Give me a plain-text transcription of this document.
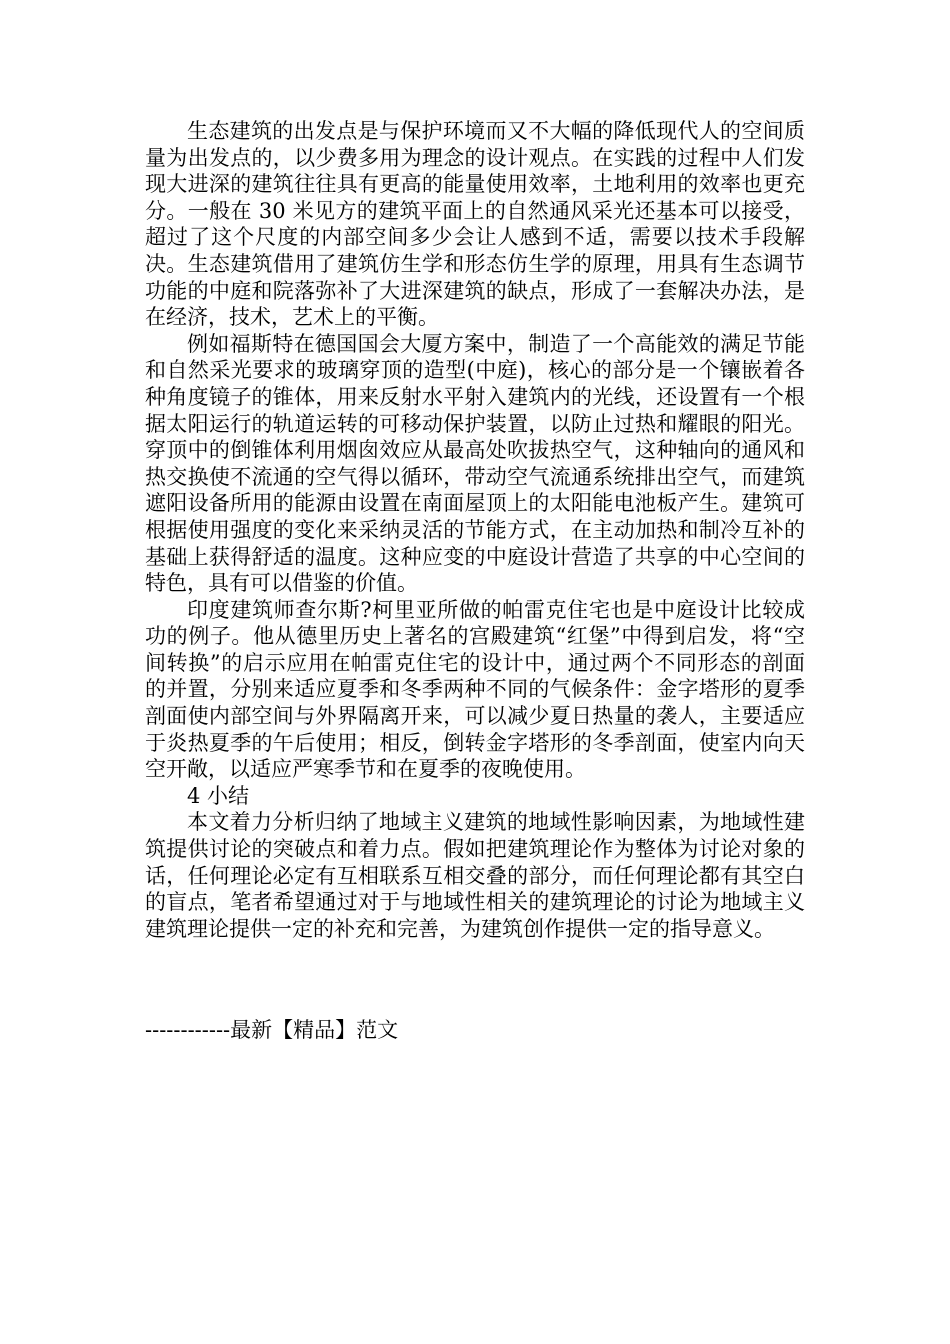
生态建筑的出发点是与保护环境而又不大幅的降低现代人的空间质量为出发点的，以少费多用为理念的设计观点。在实践的过程中人们发现大进深的建筑往往具有更高的能量使用效率，土地利用的效率也更充分。一般在 30 米见方的建筑平面上的自然通风采光还基本可以接受，超过了这个尺度的内部空间多少会让人感到不适，需要以技术手段解决。生态建筑借用了建筑仿生学和形态仿生学的原理，用具有生态调节功能的中庭和院落弥补了大进深建筑的缺点，形成了一套解决办法，是在经济，技术，艺术上的平衡。

例如福斯特在德国国会大厦方案中，制造了一个高能效的满足节能和自然采光要求的玻璃穿顶的造型(中庭)，核心的部分是一个镶嵌着各种角度镜子的锥体，用来反射水平射入建筑内的光线，还设置有一个根据太阳运行的轨道运转的可移动保护装置，以防止过热和耀眼的阳光。穿顶中的倒锥体利用烟囱效应从最高处吹拔热空气，这种轴向的通风和热交换使不流通的空气得以循环，带动空气流通系统排出空气，而建筑遮阳设备所用的能源由设置在南面屋顶上的太阳能电池板产生。建筑可根据使用强度的变化来采纳灵活的节能方式，在主动加热和制冷互补的基础上获得舒适的温度。这种应变的中庭设计营造了共享的中心空间的特色，具有可以借鉴的价值。

印度建筑师查尔斯?柯里亚所做的帕雷克住宅也是中庭设计比较成功的例子。他从德里历史上著名的宫殿建筑“红堡”中得到启发，将“空间转换”的启示应用在帕雷克住宅的设计中，通过两个不同形态的剖面的并置，分别来适应夏季和冬季两种不同的气候条件：金字塔形的夏季剖面使内部空间与外界隔离开来，可以减少夏日热量的袭人，主要适应于炎热夏季的午后使用；相反，倒转金字塔形的冬季剖面，使室内向天空开敞，以适应严寒季节和在夏季的夜晚使用。

4 小结

本文着力分析归纳了地域主义建筑的地域性影响因素，为地域性建筑提供讨论的突破点和着力点。假如把建筑理论作为整体为讨论对象的话，任何理论必定有互相联系互相交叠的部分，而任何理论都有其空白的盲点，笔者希望通过对于与地域性相关的建筑理论的讨论为地域主义建筑理论提供一定的补充和完善，为建筑创作提供一定的指导意义。

------------最新【精品】范文
